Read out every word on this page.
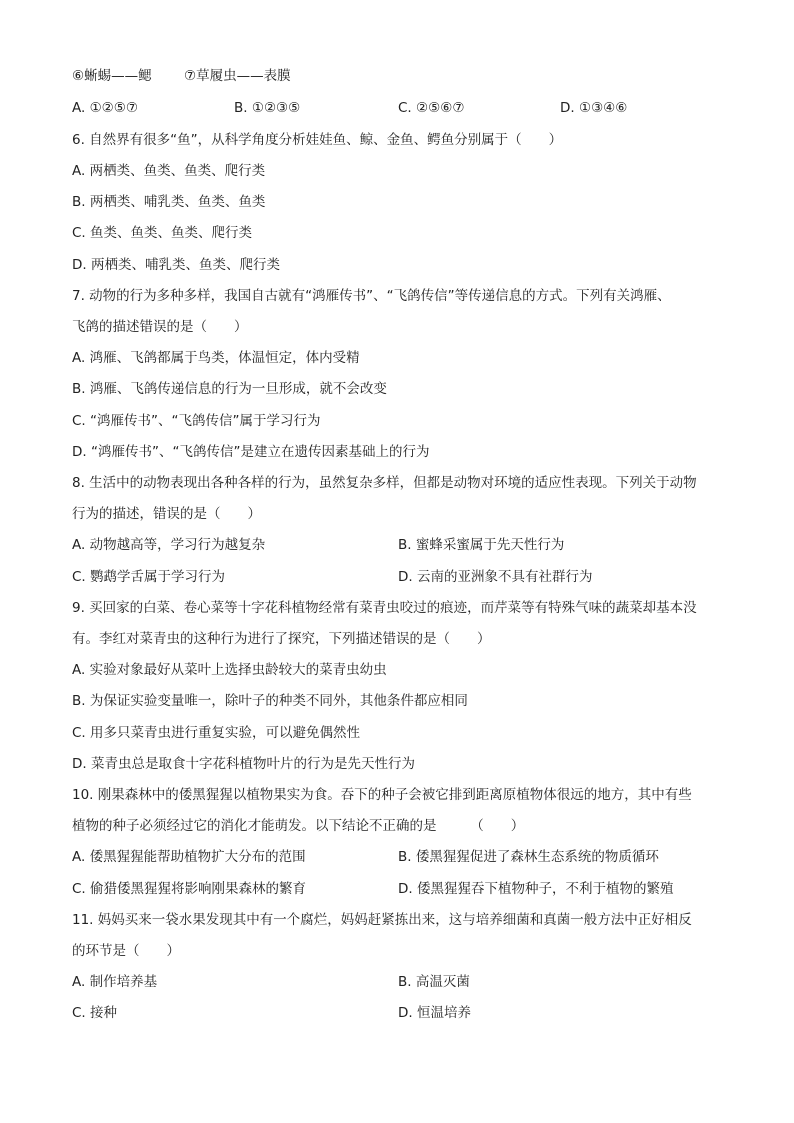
⑥蜥蜴——鳃 ⑦草履虫——表膜
A. ①②⑤⑦	B. ①②③⑤	C. ②⑤⑥⑦	D. ①③④⑥
6. 自然界有很多“鱼”，从科学角度分析娃娃鱼、鲸、金鱼、鳄鱼分别属于（　　）
A. 两栖类、鱼类、鱼类、爬行类
B. 两栖类、哺乳类、鱼类、鱼类
C. 鱼类、鱼类、鱼类、爬行类
D. 两栖类、哺乳类、鱼类、爬行类
7. 动物的行为多种多样，我国自古就有“鸿雁传书”、“飞鸽传信”等传递信息的方式。下列有关鸿雁、
飞鸽的描述错误的是（　　）
A. 鸿雁、飞鸽都属于鸟类，体温恒定，体内受精
B. 鸿雁、飞鸽传递信息的行为一旦形成，就不会改变
C. “鸿雁传书”、“飞鸽传信”属于学习行为
D. “鸿雁传书”、“飞鸽传信”是建立在遗传因素基础上的行为
8. 生活中的动物表现出各种各样的行为，虽然复杂多样，但都是动物对环境的适应性表现。下列关于动物
行为的描述，错误的是（　　）
A. 动物越高等，学习行为越复杂	B. 蜜蜂采蜜属于先天性行为
C. 鹦鹉学舌属于学习行为	D. 云南的亚洲象不具有社群行为
9. 买回家的白菜、卷心菜等十字花科植物经常有菜青虫咬过的痕迹，而芹菜等有特殊气味的蔬菜却基本没
有。李红对菜青虫的这种行为进行了探究，下列描述错误的是（　　）
A. 实验对象最好从菜叶上选择虫龄较大的菜青虫幼虫
B. 为保证实验变量唯一，除叶子的种类不同外，其他条件都应相同
C. 用多只菜青虫进行重复实验，可以避免偶然性
D. 菜青虫总是取食十字花科植物叶片的行为是先天性行为
10. 刚果森林中的倭黑猩猩以植物果实为食。吞下的种子会被它排到距离原植物体很远的地方，其中有些
植物的种子必须经过它的消化才能萌发。以下结论不正确的是　　　（　　）
A. 倭黑猩猩能帮助植物扩大分布的范围	B. 倭黑猩猩促进了森林生态系统的物质循环
C. 偷猎倭黑猩猩将影响刚果森林的繁育	D. 倭黑猩猩吞下植物种子，不利于植物的繁殖
11. 妈妈买来一袋水果发现其中有一个腐烂，妈妈赶紧拣出来，这与培养细菌和真菌一般方法中正好相反
的环节是（　　）
A. 制作培养基	B. 高温灭菌
C. 接种	D. 恒温培养
